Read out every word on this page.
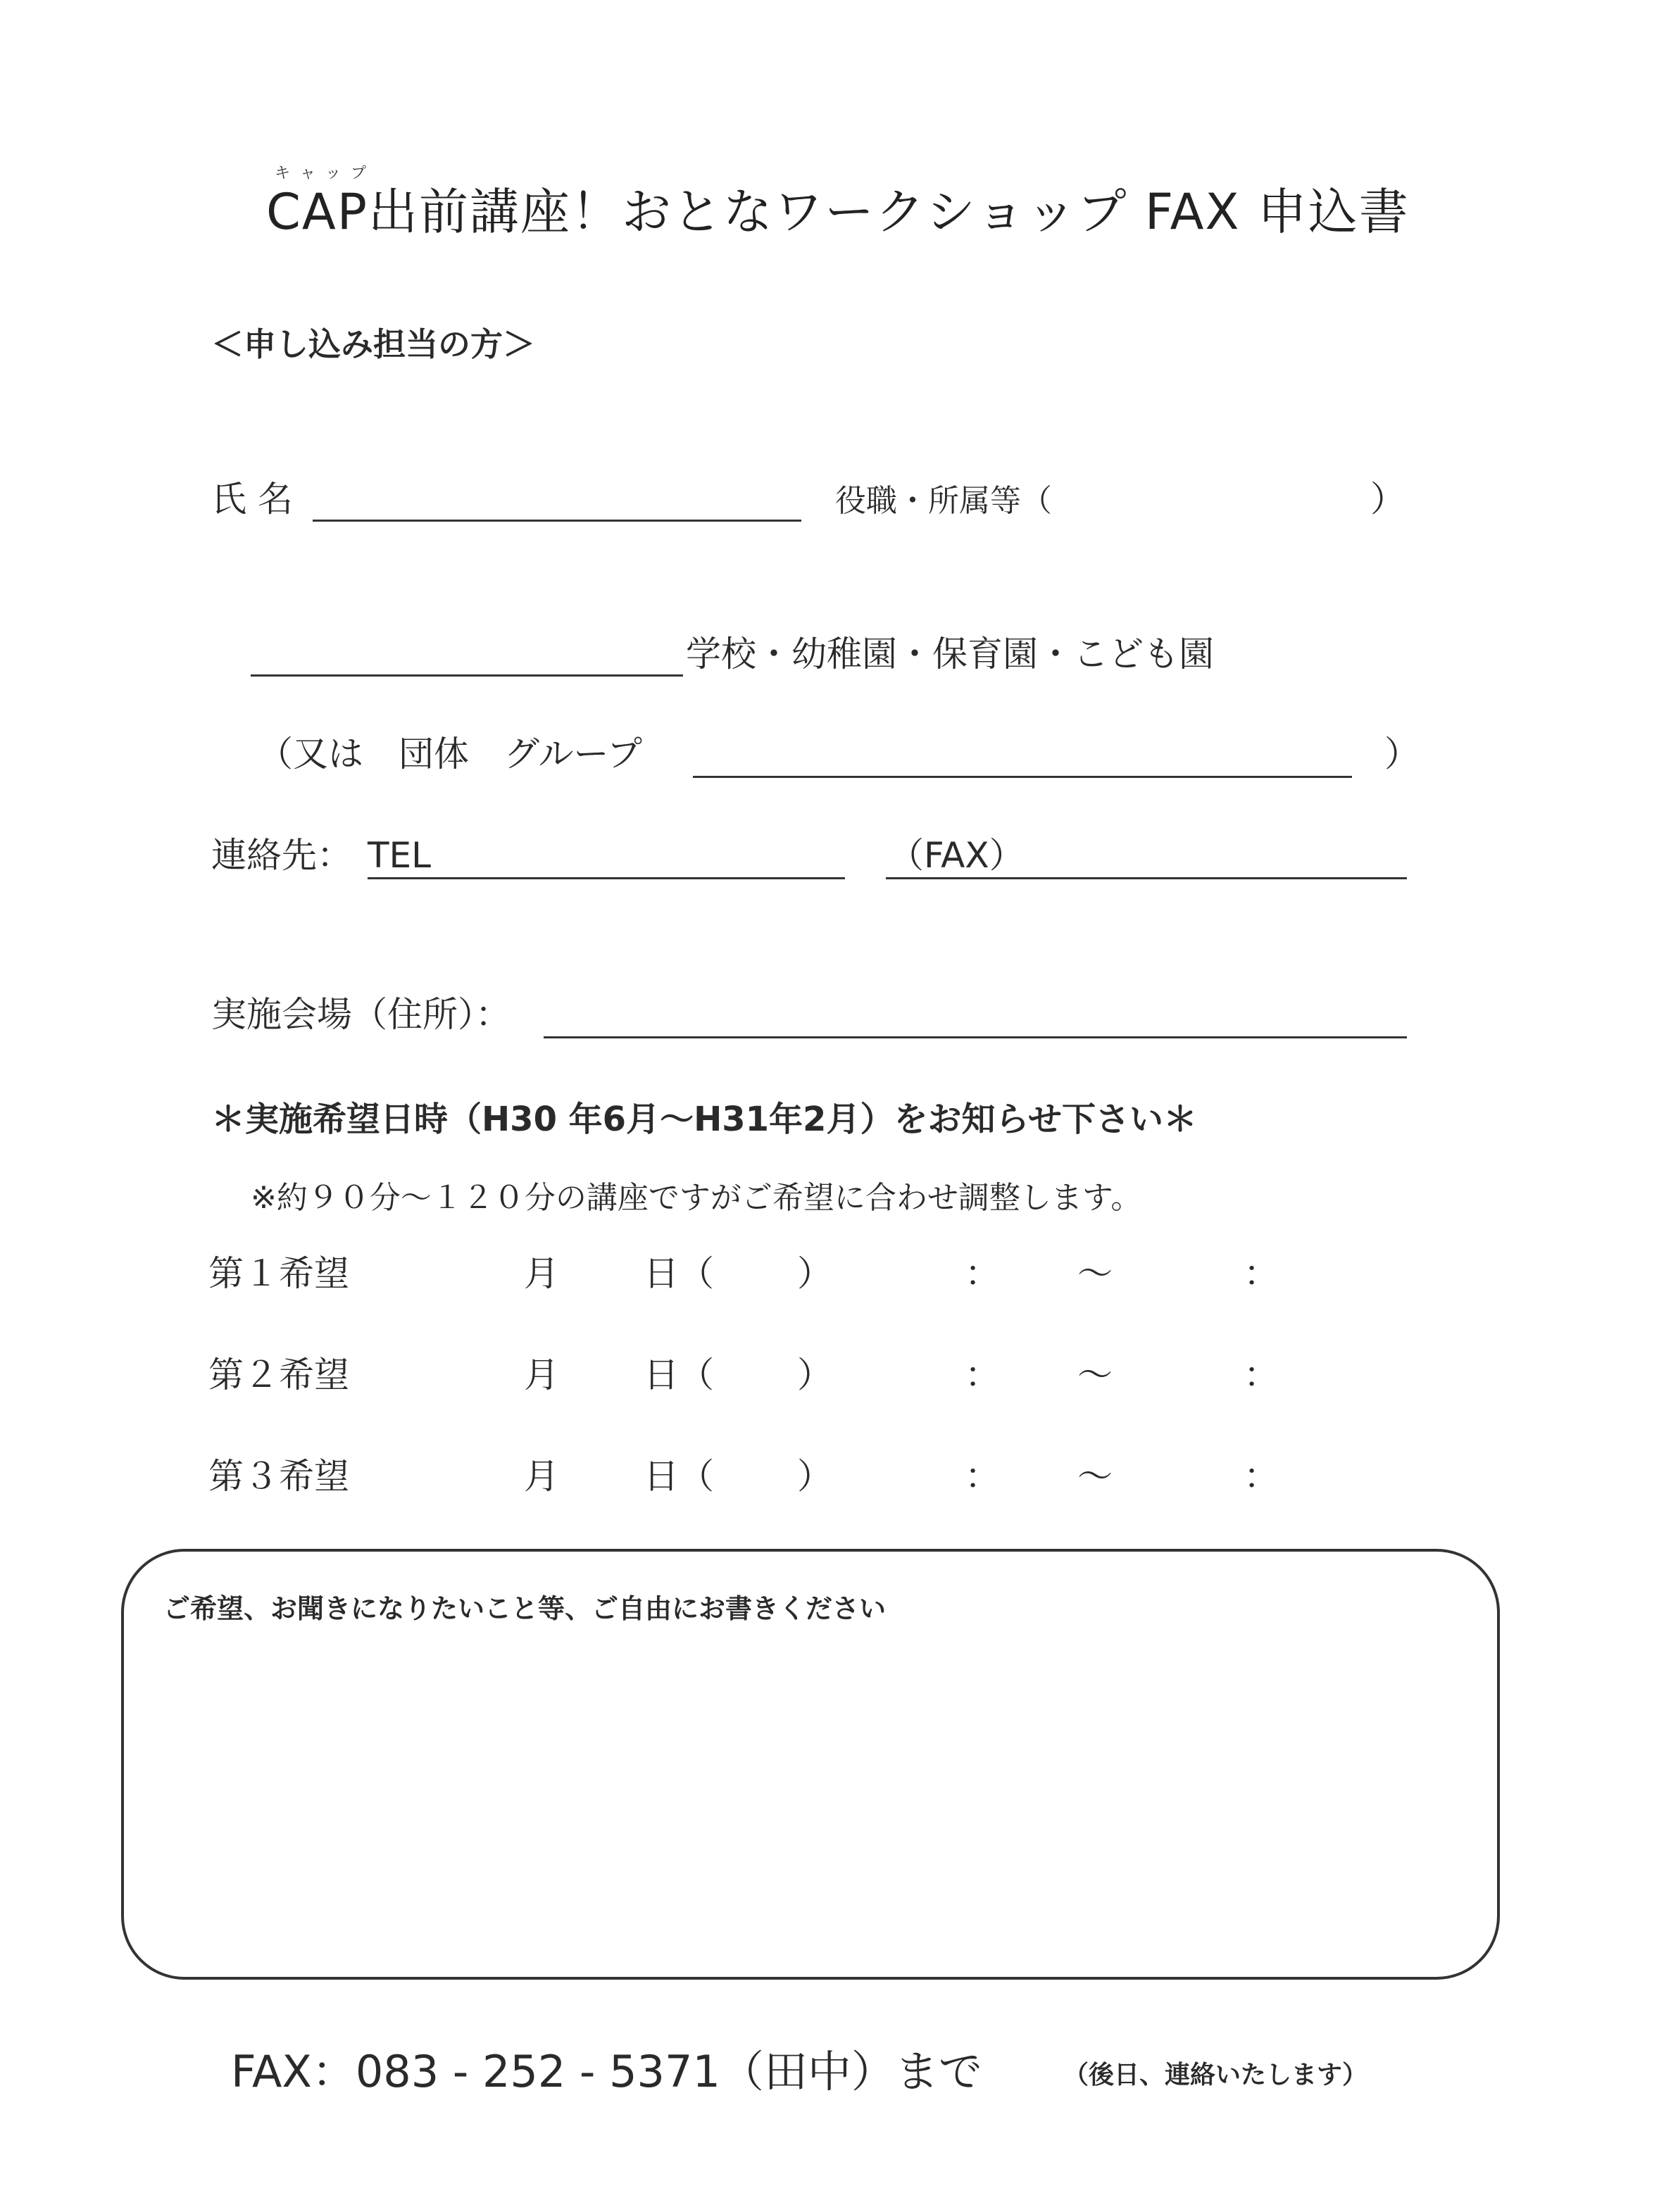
キャップ
CAP出前講座！おとなワークショップ FAX 申込書
＜申し込み担当の方＞
氏 名	役職・所属等（	）
学校・幼稚園・保育園・こども園
（又は　団体　グループ	）
連絡先： TEL	（FAX）
実施会場（住所）：
＊実施希望日時（H30 年6月～H31年2月）をお知らせ下さい＊
※約９０分～１２０分の講座ですがご希望に合わせ調整します。
第１希望	月 日（ ）	： ～	：
第２希望	月 日（ ）	： ～	：
第３希望	月 日（ ）	： ～	：
ご希望、お聞きになりたいこと等、ご自由にお書きください
FAX：083 - 252 - 5371（田中）まで	（後日、連絡いたします）
